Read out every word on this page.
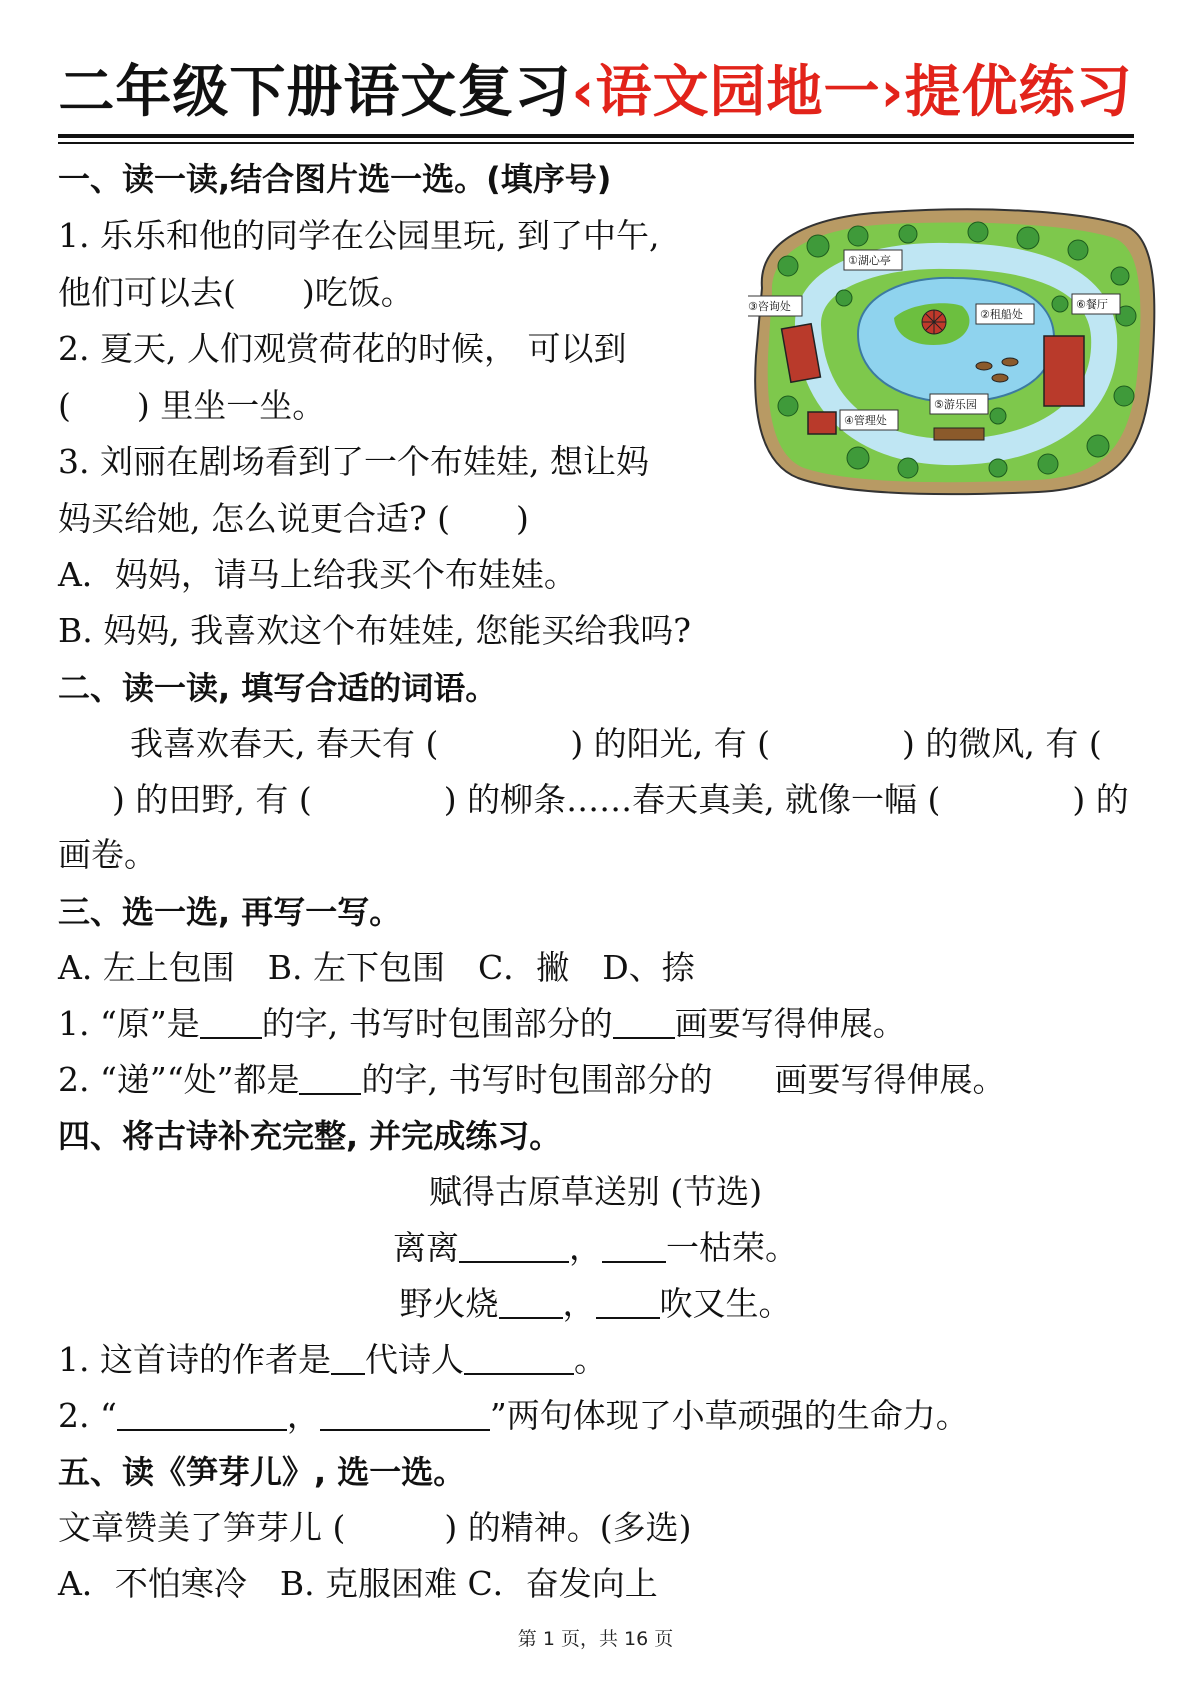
二年级下册语文复习‹语文园地一›提优练习
一、读一读,结合图片选一选。(填序号)
1. 乐乐和他的同学在公园里玩, 到了中午,
他们可以去(　　)吃饭。
2. 夏天, 人们观赏荷花的时候， 可以到
(　　) 里坐一坐。
3. 刘丽在剧场看到了一个布娃娃, 想让妈
妈买给她, 怎么说更合适? (　　)
A．妈妈，请马上给我买个布娃娃。
B. 妈妈, 我喜欢这个布娃娃, 您能买给我吗?
①湖心亭
②租船处
③咨询处
④管理处
⑤游乐园
⑥餐厅
二、读一读, 填写合适的词语。
我喜欢春天, 春天有 (　　　　) 的阳光, 有 (　　　　) 的微风, 有 (
) 的田野, 有 (　　　　) 的柳条……春天真美, 就像一幅 (　　　　) 的
画卷。
三、选一选, 再写一写。
A. 左上包围　B. 左下包围　C．撇　D、捺
1. “原”是 的字, 书写时包围部分的 画要写得伸展。
2. “递”“处”都是 的字, 书写时包围部分的 画要写得伸展。
四、将古诗补充完整, 并完成练习。
赋得古原草送别 (节选)
离离	， 一枯荣。
野火烧 ， 吹又生。
1. 这首诗的作者是 代诗人	。
2. “	，	”两句体现了小草顽强的生命力。
五、读《笋芽儿》, 选一选。
文章赞美了笋芽儿 (　　　) 的精神。(多选)
A．不怕寒冷　B. 克服困难 C．奋发向上
第 1 页，共 16 页
